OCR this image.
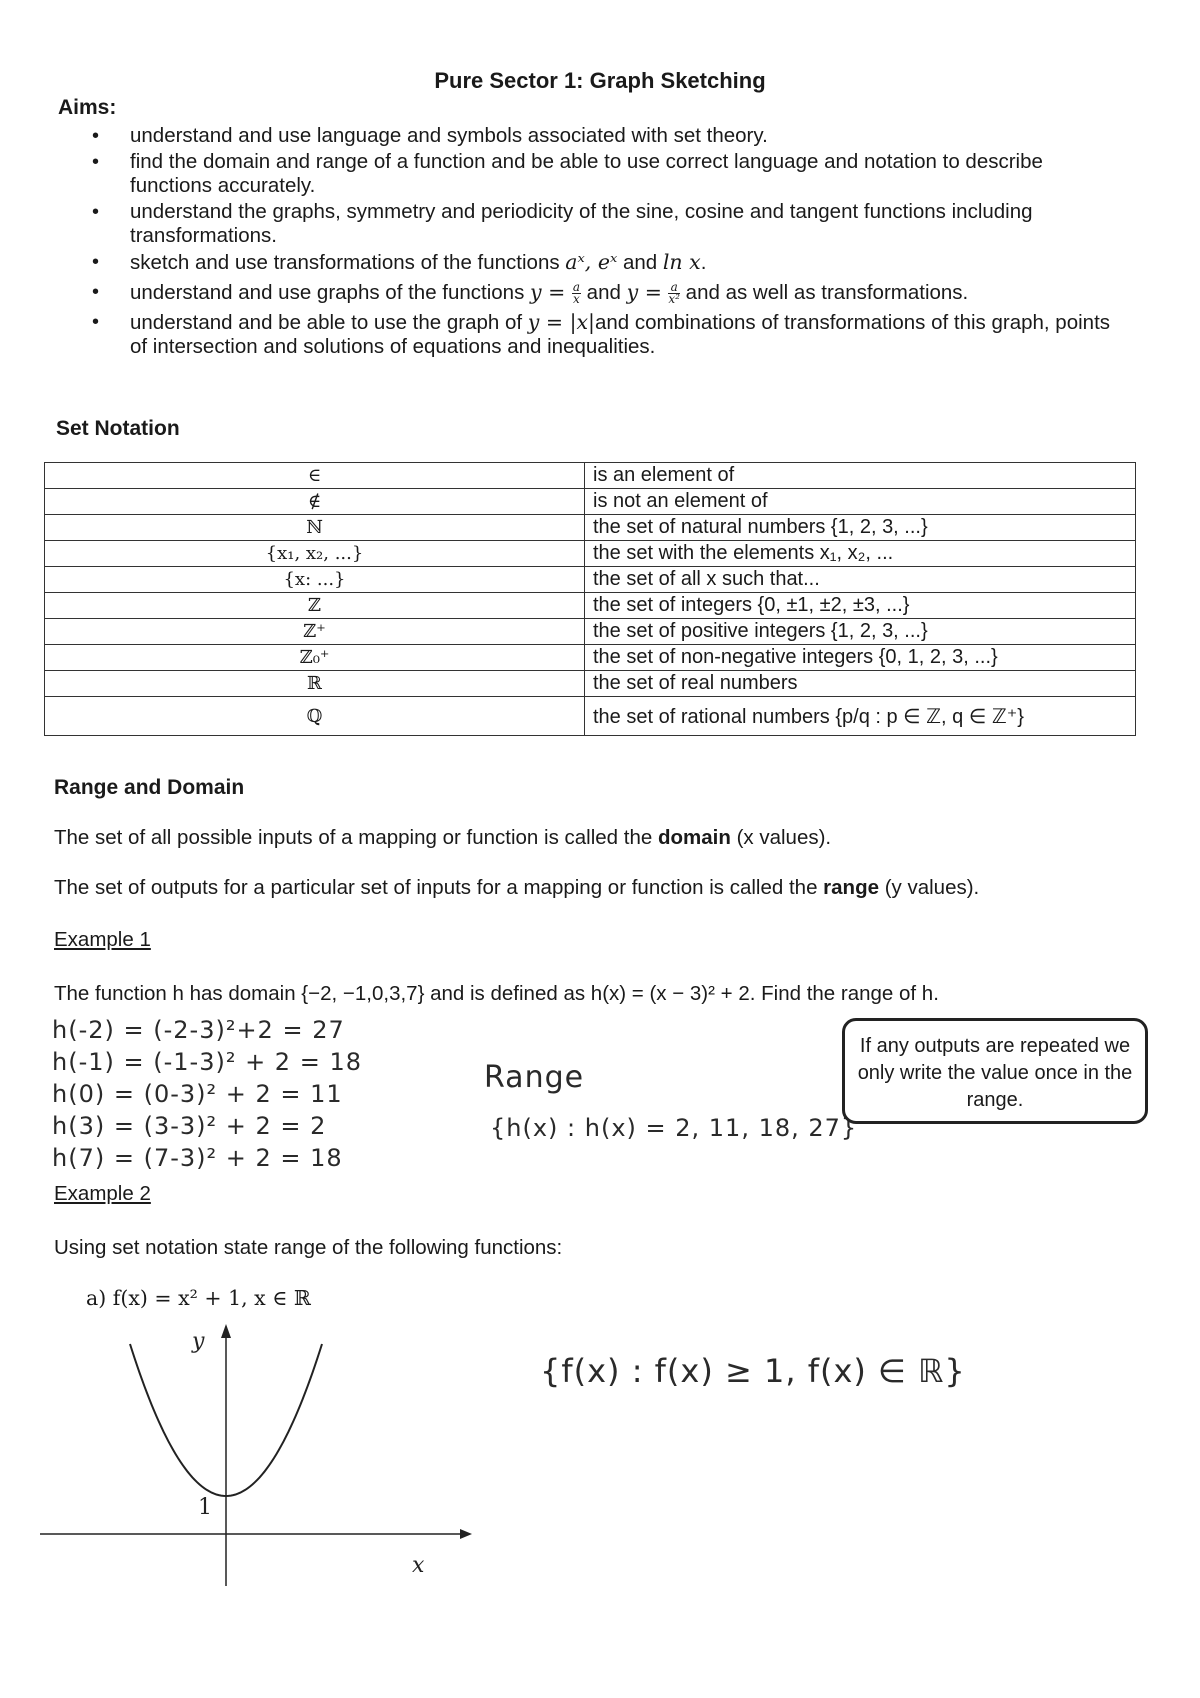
Pure Sector 1: Graph Sketching
Aims:
• understand and use language and symbols associated with set theory.
• find the domain and range of a function and be able to use correct language and notation to describe functions accurately.
• understand the graphs, symmetry and periodicity of the sine, cosine and tangent functions including transformations.
• sketch and use transformations of the functions aˣ, eˣ and ln x.
• understand and use graphs of the functions $y = \frac{a}{x}$ and $y = \frac{a}{\text{x²}}$ and as well as transformations.
• understand and be able to use the graph of y = |x|and combinations of transformations of this graph, points of intersection and solutions of equations and inequalities.
Set Notation
∈	is an element of
∉	is not an element of
ℕ	the set of natural numbers {1, 2, 3, ...}
{x₁, x₂, ...}	the set with the elements x₁, x₂, ...
{x: ...}	the set of all x such that...
ℤ	the set of integers {0, ±1, ±2, ±3, ...}
ℤ⁺	the set of positive integers {1, 2, 3, ...}
ℤ₀⁺	the set of non-negative integers {0, 1, 2, 3, ...}
ℝ	the set of real numbers
ℚ	the set of rational numbers {p/q : p ∈ ℤ, q ∈ ℤ⁺}
Range and Domain
The set of all possible inputs of a mapping or function is called the domain (x values).
The set of outputs for a particular set of inputs for a mapping or function is called the range (y values).
Example 1
The function h has domain {−2, −1,0,3,7} and is defined as h(x) = (x − 3)² + 2. Find the range of h.
h(-2) = (-2-3)²+2 = 27
h(-1) = (-1-3)² + 2 = 18
h(0) = (0-3)² + 2 = 11
h(3) = (3-3)² + 2 = 2
h(7) = (7-3)² + 2 = 18
Range
{h(x) : h(x) = 2, 11, 18, 27}
If any outputs are repeated we only write the value once in the range.
Example 2
Using set notation state range of the following functions:
a) f(x) = x² + 1, x ∈ ℝ
{f(x) : f(x) ≥ 1, f(x) ∈ ℝ}
y
x
1
